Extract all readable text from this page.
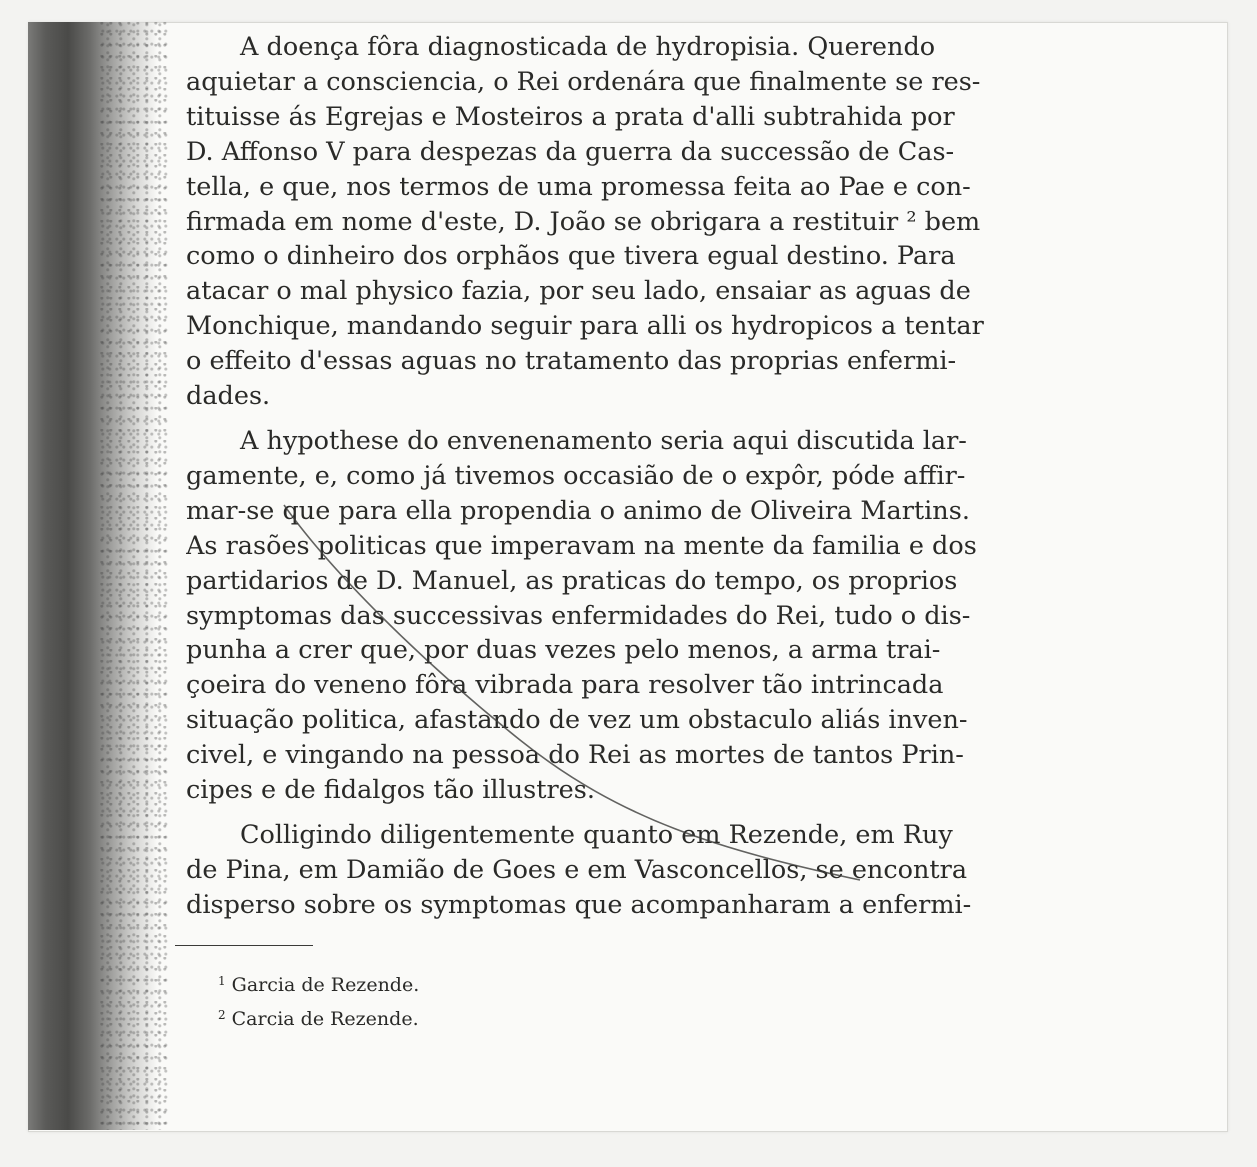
A doença fôra diagnosticada de hydropisia. Querendo
aquietar a consciencia, o Rei ordenára que finalmente se res-
tituisse ás Egrejas e Mosteiros a prata d'alli subtrahida por
D. Affonso V para despezas da guerra da successão de Cas-
tella, e que, nos termos de uma promessa feita ao Pae e con-
firmada em nome d'este, D. João se obrigara a restituir ² bem
como o dinheiro dos orphãos que tivera egual destino. Para
atacar o mal physico fazia, por seu lado, ensaiar as aguas de
Monchique, mandando seguir para alli os hydropicos a tentar
o effeito d'essas aguas no tratamento das proprias enfermi-
dades.

A hypothese do envenenamento seria aqui discutida lar-
gamente, e, como já tivemos occasião de o expôr, póde affir-
mar-se que para ella propendia o animo de Oliveira Martins.
As rasões politicas que imperavam na mente da familia e dos
partidarios de D. Manuel, as praticas do tempo, os proprios
symptomas das successivas enfermidades do Rei, tudo o dis-
punha a crer que, por duas vezes pelo menos, a arma trai-
çoeira do veneno fôra vibrada para resolver tão intrincada
situação politica, afastando de vez um obstaculo aliás inven-
civel, e vingando na pessoa do Rei as mortes de tantos Prin-
cipes e de fidalgos tão illustres.

Colligindo diligentemente quanto em Rezende, em Ruy
de Pina, em Damião de Goes e em Vasconcellos, se encontra
disperso sobre os symptomas que acompanharam a enfermi-

$^1$ Garcia de Rezende.
$^2$ Carcia de Rezende.
